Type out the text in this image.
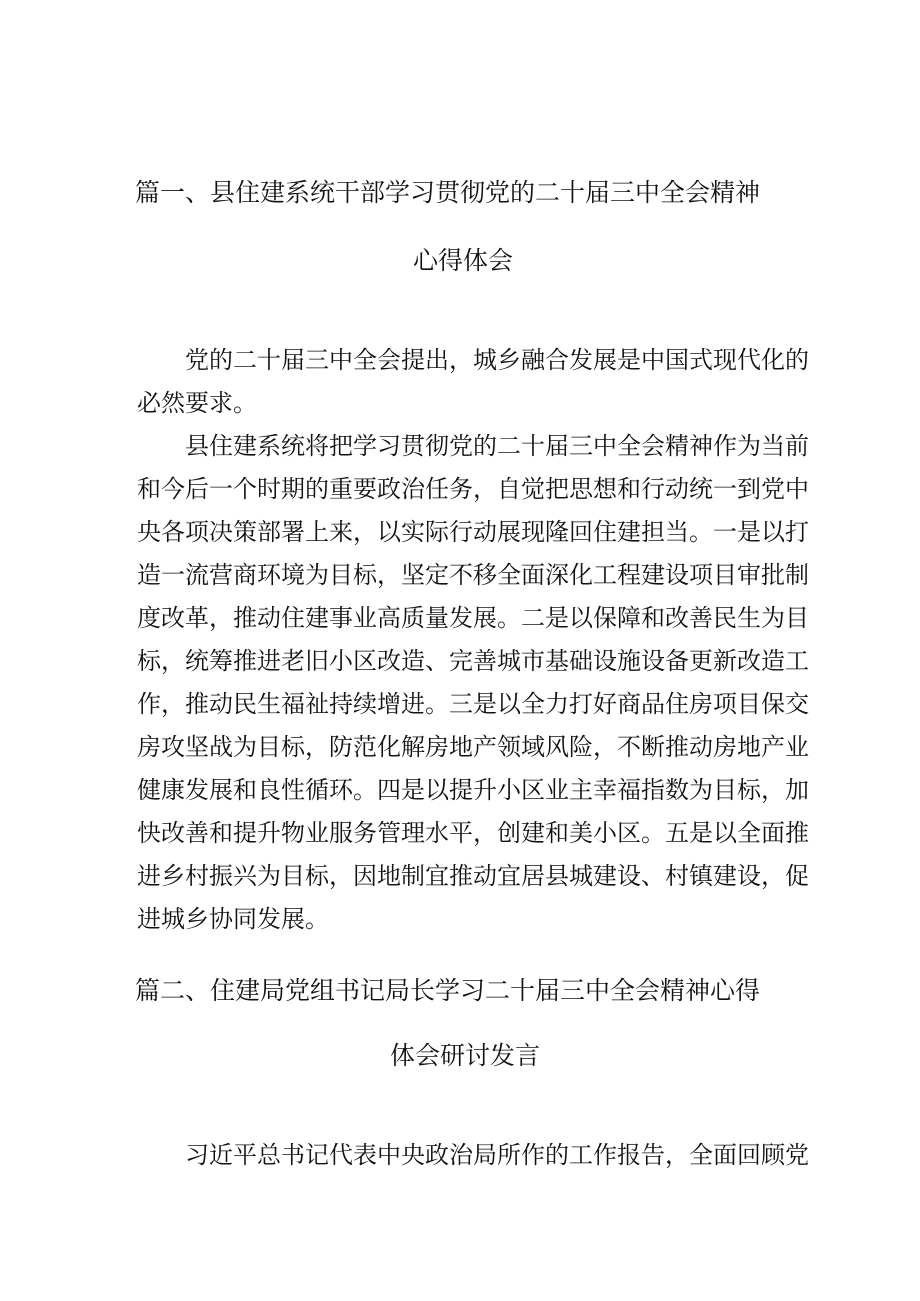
篇一、县住建系统干部学习贯彻党的二十届三中全会精神
心得体会

党的二十届三中全会提出，城乡融合发展是中国式现代化的

必然要求。

县住建系统将把学习贯彻党的二十届三中全会精神作为当前

和今后一个时期的重要政治任务，自觉把思想和行动统一到党中

央各项决策部署上来，以实际行动展现隆回住建担当。一是以打

造一流营商环境为目标，坚定不移全面深化工程建设项目审批制

度改革，推动住建事业高质量发展。二是以保障和改善民生为目

标，统筹推进老旧小区改造、完善城市基础设施设备更新改造工

作，推动民生福祉持续增进。三是以全力打好商品住房项目保交

房攻坚战为目标，防范化解房地产领域风险，不断推动房地产业

健康发展和良性循环。四是以提升小区业主幸福指数为目标，加

快改善和提升物业服务管理水平，创建和美小区。五是以全面推

进乡村振兴为目标，因地制宜推动宜居县城建设、村镇建设，促

进城乡协同发展。

篇二、住建局党组书记局长学习二十届三中全会精神心得
体会研讨发言

习近平总书记代表中央政治局所作的工作报告，全面回顾党
